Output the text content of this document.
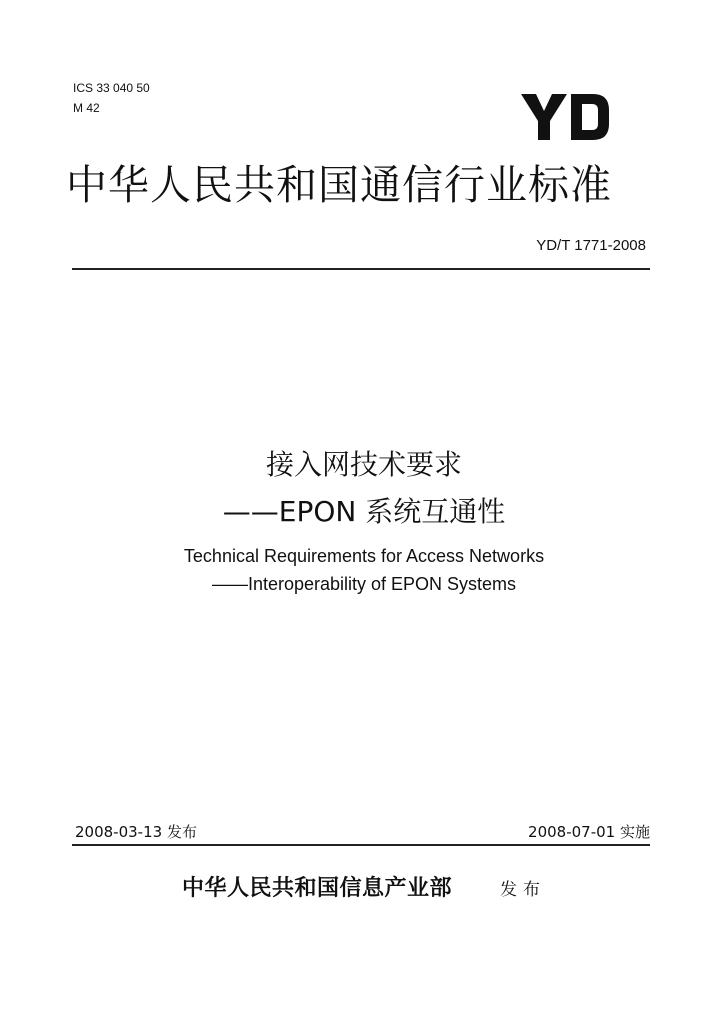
ICS 33 040 50
M 42
中华人民共和国通信行业标准
YD/T 1771-2008
接入网技术要求
——EPON 系统互通性
Technical Requirements for Access Networks
——Interoperability of EPON Systems
2008-03-13 发布	2008-07-01 实施
中华人民共和国信息产业部	发布
